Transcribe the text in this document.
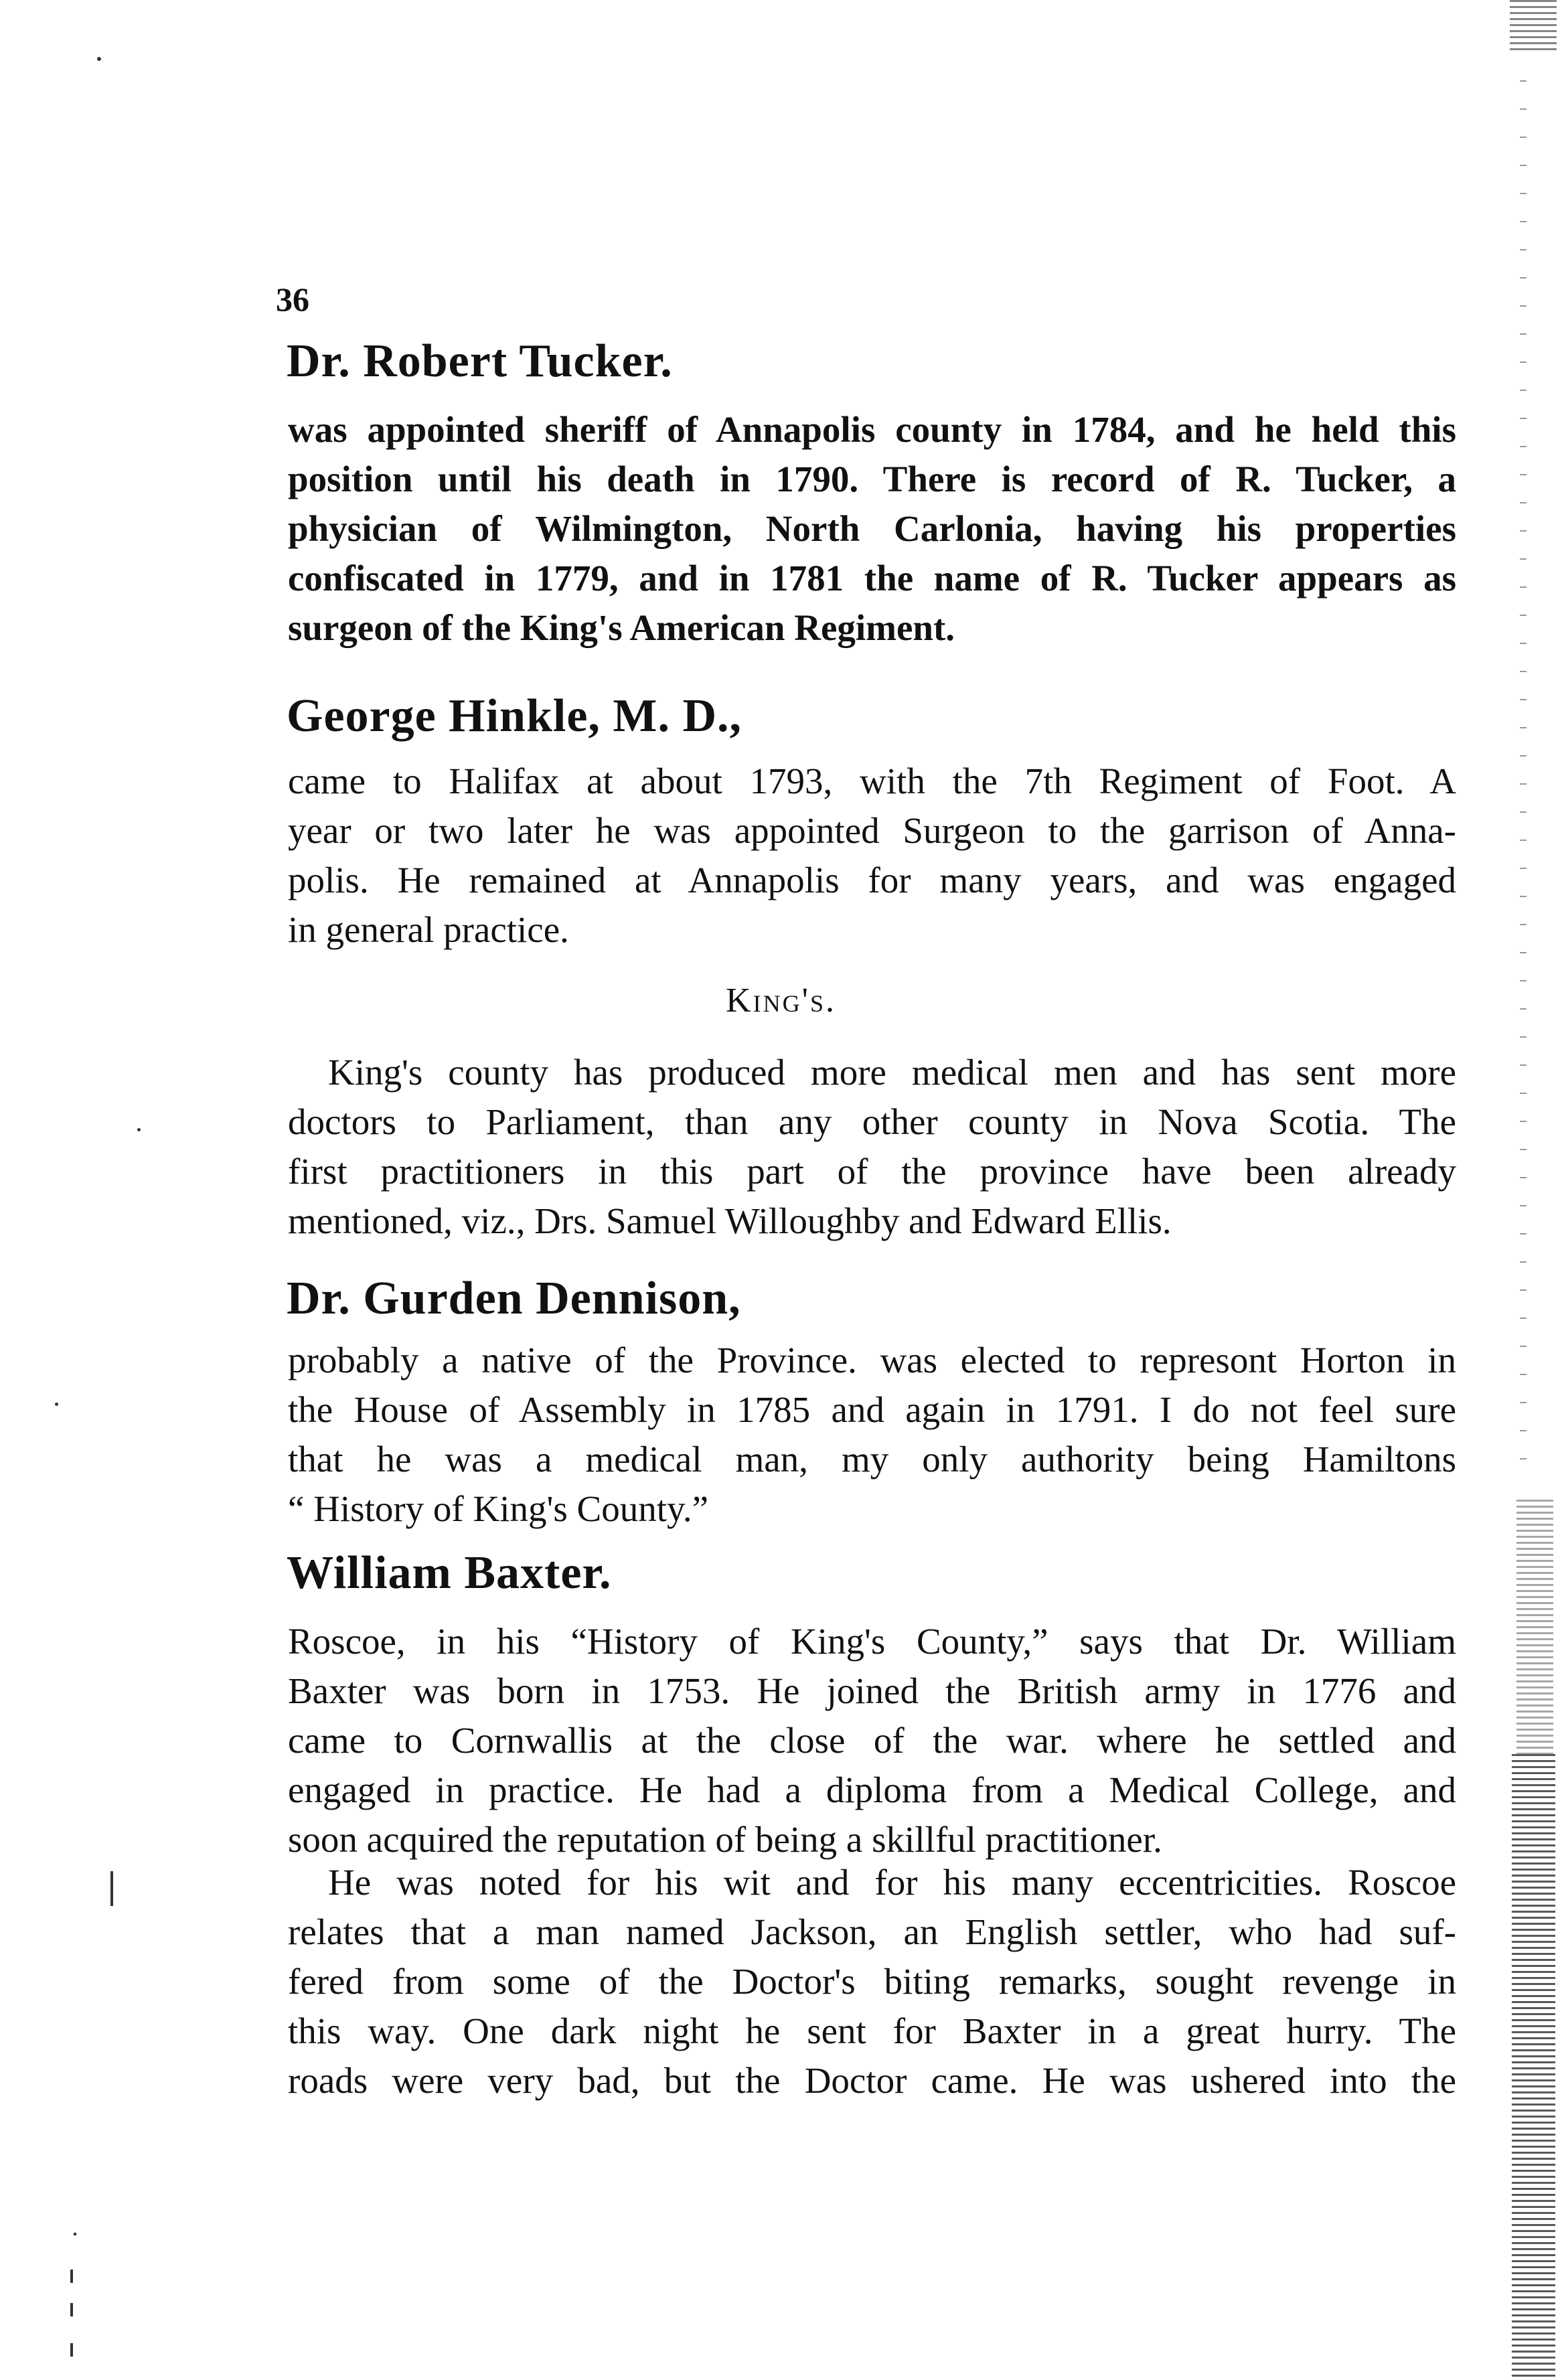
36
Dr. Robert Tucker.
was appointed sheriff of Annapolis county in 1784, and he held this
position until his death in 1790. There is record of R. Tucker, a
physician of Wilmington, North Carlonia, having his properties
confiscated in 1779, and in 1781 the name of R. Tucker appears as
surgeon of the King's American Regiment.
George Hinkle, M. D.,
came to Halifax at about 1793, with the 7th Regiment of Foot. A
year or two later he was appointed Surgeon to the garrison of Anna-
polis. He remained at Annapolis for many years, and was engaged
in general practice.
King's.
King's county has produced more medical men and has sent more
doctors to Parliament, than any other county in Nova Scotia. The
first practitioners in this part of the province have been already
mentioned, viz., Drs. Samuel Willoughby and Edward Ellis.
Dr. Gurden Dennison,
probably a native of the Province. was elected to represont Horton in
the House of Assembly in 1785 and again in 1791. I do not feel sure
that he was a medical man, my only authority being Hamiltons
“ History of King's County.”
William Baxter.
Roscoe, in his “History of King's County,” says that Dr. William
Baxter was born in 1753. He joined the British army in 1776 and
came to Cornwallis at the close of the war. where he settled and
engaged in practice. He had a diploma from a Medical College, and
soon acquired the reputation of being a skillful practitioner.
He was noted for his wit and for his many eccentricities. Roscoe
relates that a man named Jackson, an English settler, who had suf-
fered from some of the Doctor's biting remarks, sought revenge in
this way. One dark night he sent for Baxter in a great hurry. The
roads were very bad, but the Doctor came. He was ushered into the
